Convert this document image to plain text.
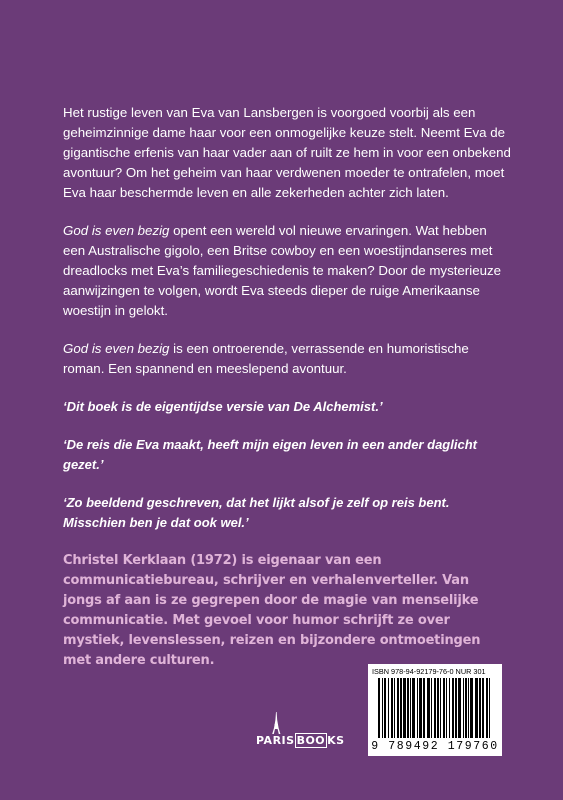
Het rustige leven van Eva van Lansbergen is voorgoed voorbij als een geheimzinnige dame haar voor een onmogelijke keuze stelt. Neemt Eva de gigantische erfenis van haar vader aan of ruilt ze hem in voor een onbekend avontuur? Om het geheim van haar verdwenen moeder te ontrafelen, moet Eva haar beschermde leven en alle zekerheden achter zich laten.

God is even bezig opent een wereld vol nieuwe ervaringen. Wat hebben een Australische gigolo, een Britse cowboy en een woestijndanseres met dreadlocks met Eva’s familiegeschiedenis te maken? Door de mysterieuze aanwijzingen te volgen, wordt Eva steeds dieper de ruige Amerikaanse woestijn in gelokt.

God is even bezig is een ontroerende, verrassende en humoristische roman. Een spannend en meeslepend avontuur.

‘Dit boek is de eigentijdse versie van De Alchemist.’

‘De reis die Eva maakt, heeft mijn eigen leven in een ander daglicht gezet.’

‘Zo beeldend geschreven, dat het lijkt alsof je zelf op reis bent. Misschien ben je dat ook wel.’

Christel Kerklaan (1972) is eigenaar van een communicatiebureau, schrijver en verhalenverteller. Van jongs af aan is ze gegrepen door de magie van menselijke communicatie. Met gevoel voor humor schrijft ze over mystiek, levenslessen, reizen en bijzondere ontmoetingen met andere culturen.

PARIS BOO KS
ISBN 978-94-92179-76-0 NUR 301
9 789492 179760
